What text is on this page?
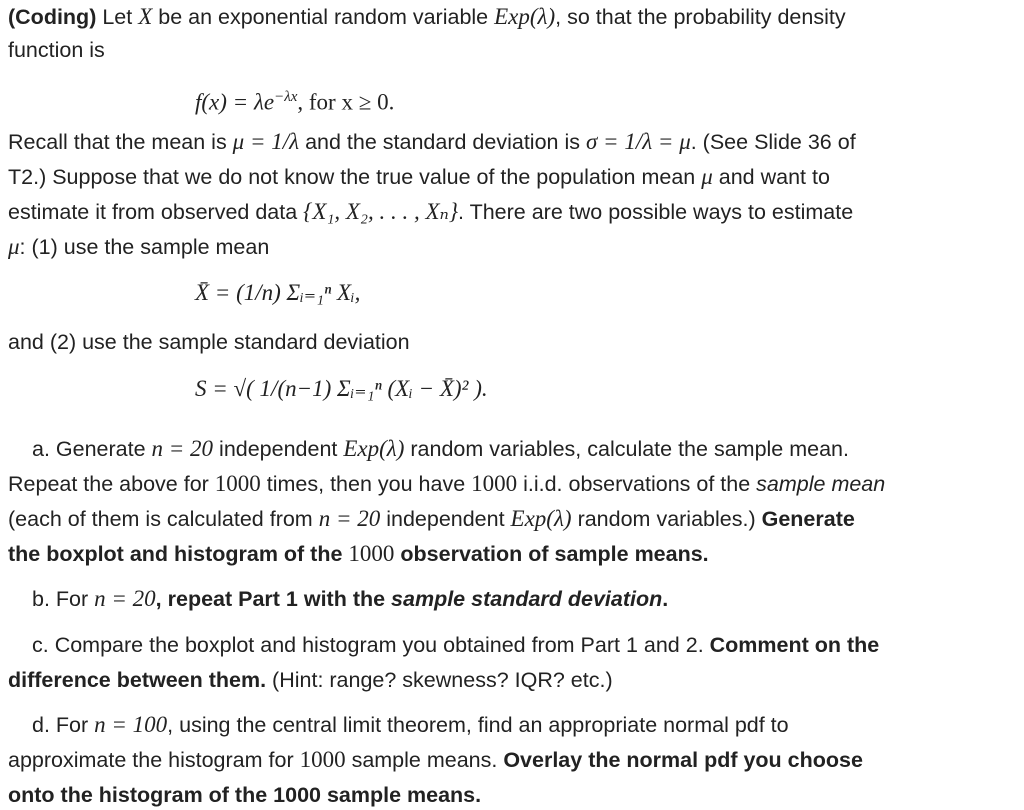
(Coding) Let X be an exponential random variable Exp(λ), so that the probability density
function is
$f(x) = \lambda e^{-\lambda x}$, for x ≥ 0.
Recall that the mean is μ = 1/λ and the standard deviation is σ = 1/λ = μ. (See Slide 36 of
T2.) Suppose that we do not know the true value of the population mean μ and want to
estimate it from observed data {X₁, X₂, . . . , Xₙ}. There are two possible ways to estimate
μ: (1) use the sample mean
X̄ = (1/n) Σᵢ₌₁ⁿ Xᵢ,
and (2) use the sample standard deviation
S = √( 1/(n−1) Σᵢ₌₁ⁿ (Xᵢ − X̄)² ).
a. Generate n = 20 independent Exp(λ) random variables, calculate the sample mean.
Repeat the above for 1000 times, then you have 1000 i.i.d. observations of the sample mean
(each of them is calculated from n = 20 independent Exp(λ) random variables.) Generate
the boxplot and histogram of the 1000 observation of sample means.
b. For n = 20, repeat Part 1 with the sample standard deviation.
c. Compare the boxplot and histogram you obtained from Part 1 and 2. Comment on the
difference between them. (Hint: range? skewness? IQR? etc.)
d. For n = 100, using the central limit theorem, find an appropriate normal pdf to
approximate the histogram for 1000 sample means. Overlay the normal pdf you choose
onto the histogram of the 1000 sample means.
